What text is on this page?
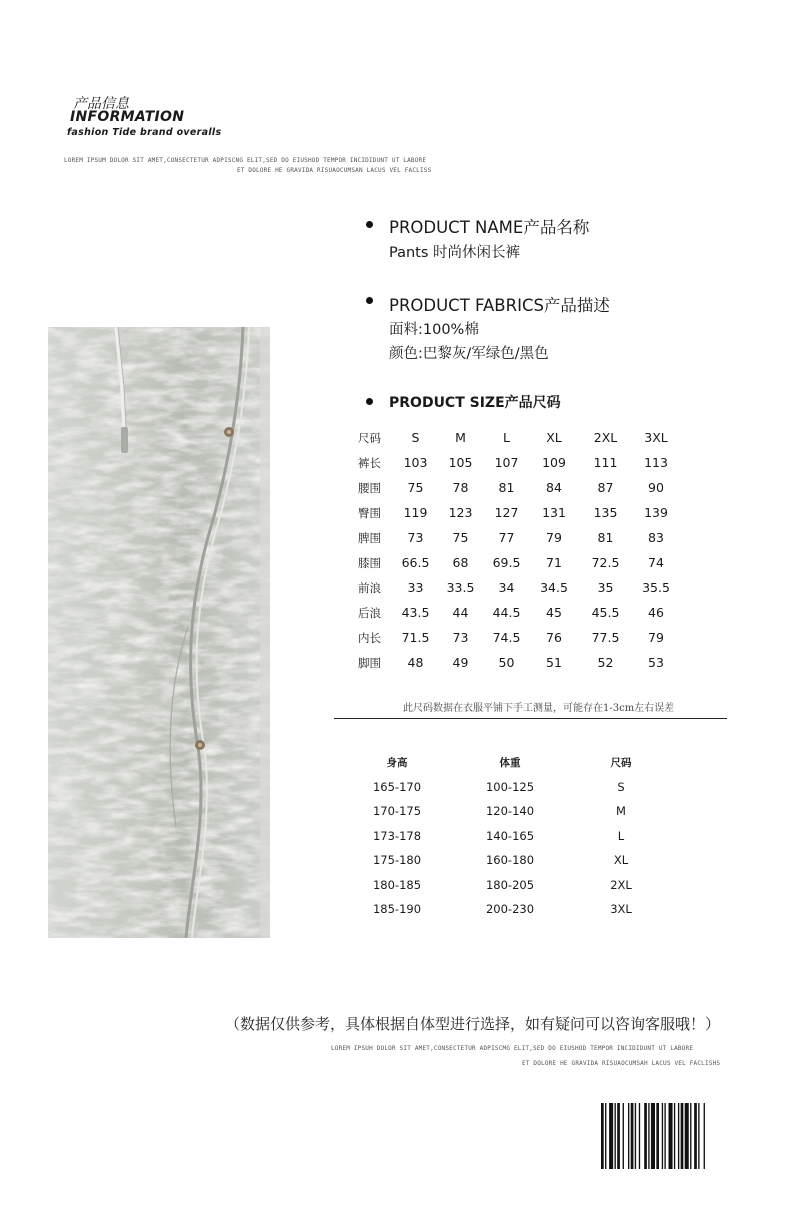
产品信息
INFORMATION
fashion Tide brand overalls
LOREM IPSUM DOLOR SIT AMET,CONSECTETUR ADPISCNG ELIT,SED DO EIUSHOD TEMPOR INCIDIDUNT UT LABORE
ET DOLORE HE GRAVIDA RISUAOCUMSAN LACUS VEL FACLISS
PRODUCT NAME产品名称
Pants 时尚休闲长裤
PRODUCT FABRICS产品描述
面料:100%棉
颜色:巴黎灰/军绿色/黑色
PRODUCT SIZE产品尺码
尺码	S	M	L	XL	2XL	3XL
裤长	103	105	107	109	111	113
腰围	75	78	81	84	87	90
臀围	119	123	127	131	135	139
脾围	73	75	77	79	81	83
膝围	66.5	68	69.5	71	72.5	74
前浪	33	33.5	34	34.5	35	35.5
后浪	43.5	44	44.5	45	45.5	46
内长	71.5	73	74.5	76	77.5	79
脚围	48	49	50	51	52	53
此尺码数据在衣服平铺下手工测量，可能存在1-3cm左右误差
身高	体重	尺码
165-170	100-125	S
170-175	120-140	M
173-178	140-165	L
175-180	160-180	XL
180-185	180-205	2XL
185-190	200-230	3XL
（数据仅供参考，具体根据自体型进行选择，如有疑问可以咨询客服哦！）
LOREM IPSUH DOLOR SIT AMET,CONSECTETUR ADPISCMG ELIT,SED DO EIUSHOD TEMPOR INCIDIDUNT UT LABORE
ET DOLORE HE GRAVIDA RISUAOCUMSAH LACUS VEL FACLISHS
